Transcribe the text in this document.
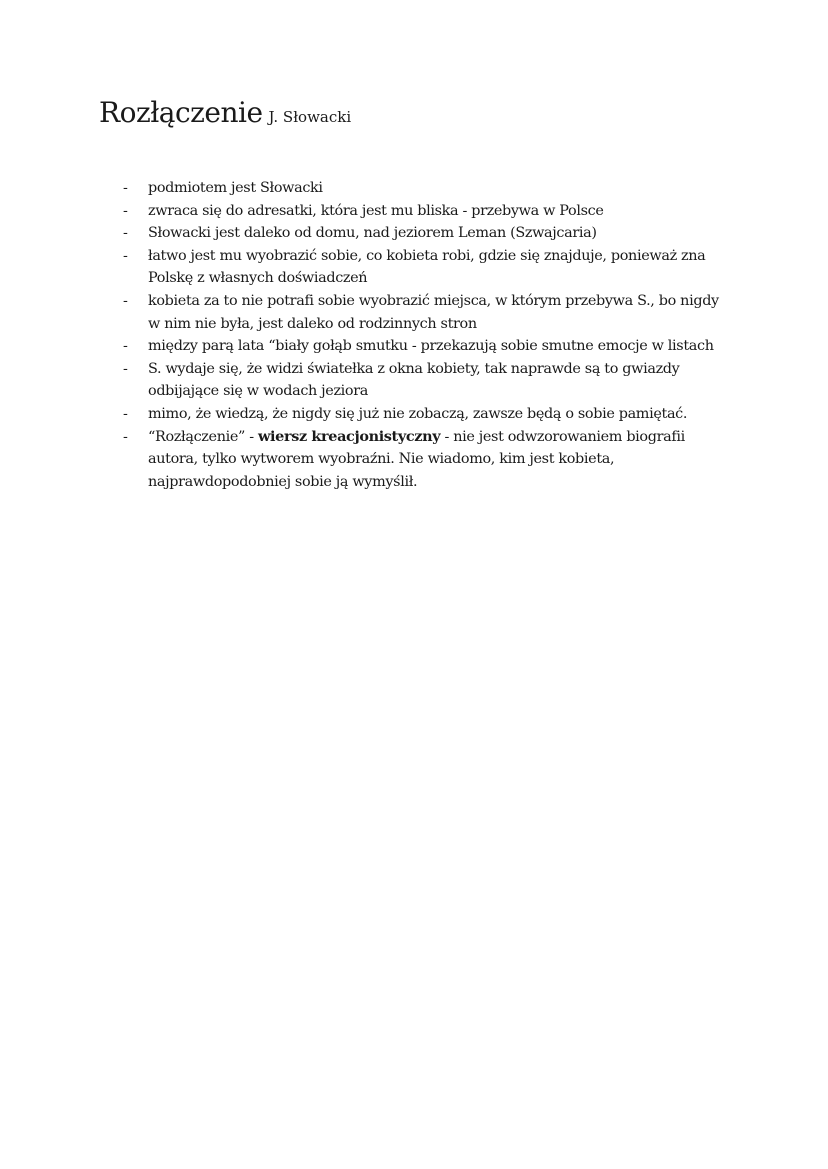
Rozłączenie J. Słowacki
- podmiotem jest Słowacki
- zwraca się do adresatki, która jest mu bliska - przebywa w Polsce
- Słowacki jest daleko od domu, nad jeziorem Leman (Szwajcaria)
- łatwo jest mu wyobrazić sobie, co kobieta robi, gdzie się znajduje, ponieważ zna Polskę z własnych doświadczeń
- kobieta za to nie potrafi sobie wyobrazić miejsca, w którym przebywa S., bo nigdy w nim nie była, jest daleko od rodzinnych stron
- między parą lata “biały gołąb smutku - przekazują sobie smutne emocje w listach
- S. wydaje się, że widzi światełka z okna kobiety, tak naprawde są to gwiazdy odbijające się w wodach jeziora
- mimo, że wiedzą, że nigdy się już nie zobaczą, zawsze będą o sobie pamiętać.
- “Rozłączenie” - wiersz kreacjonistyczny - nie jest odwzorowaniem biografii autora, tylko wytworem wyobraźni. Nie wiadomo, kim jest kobieta, najprawdopodobniej sobie ją wymyślił.
